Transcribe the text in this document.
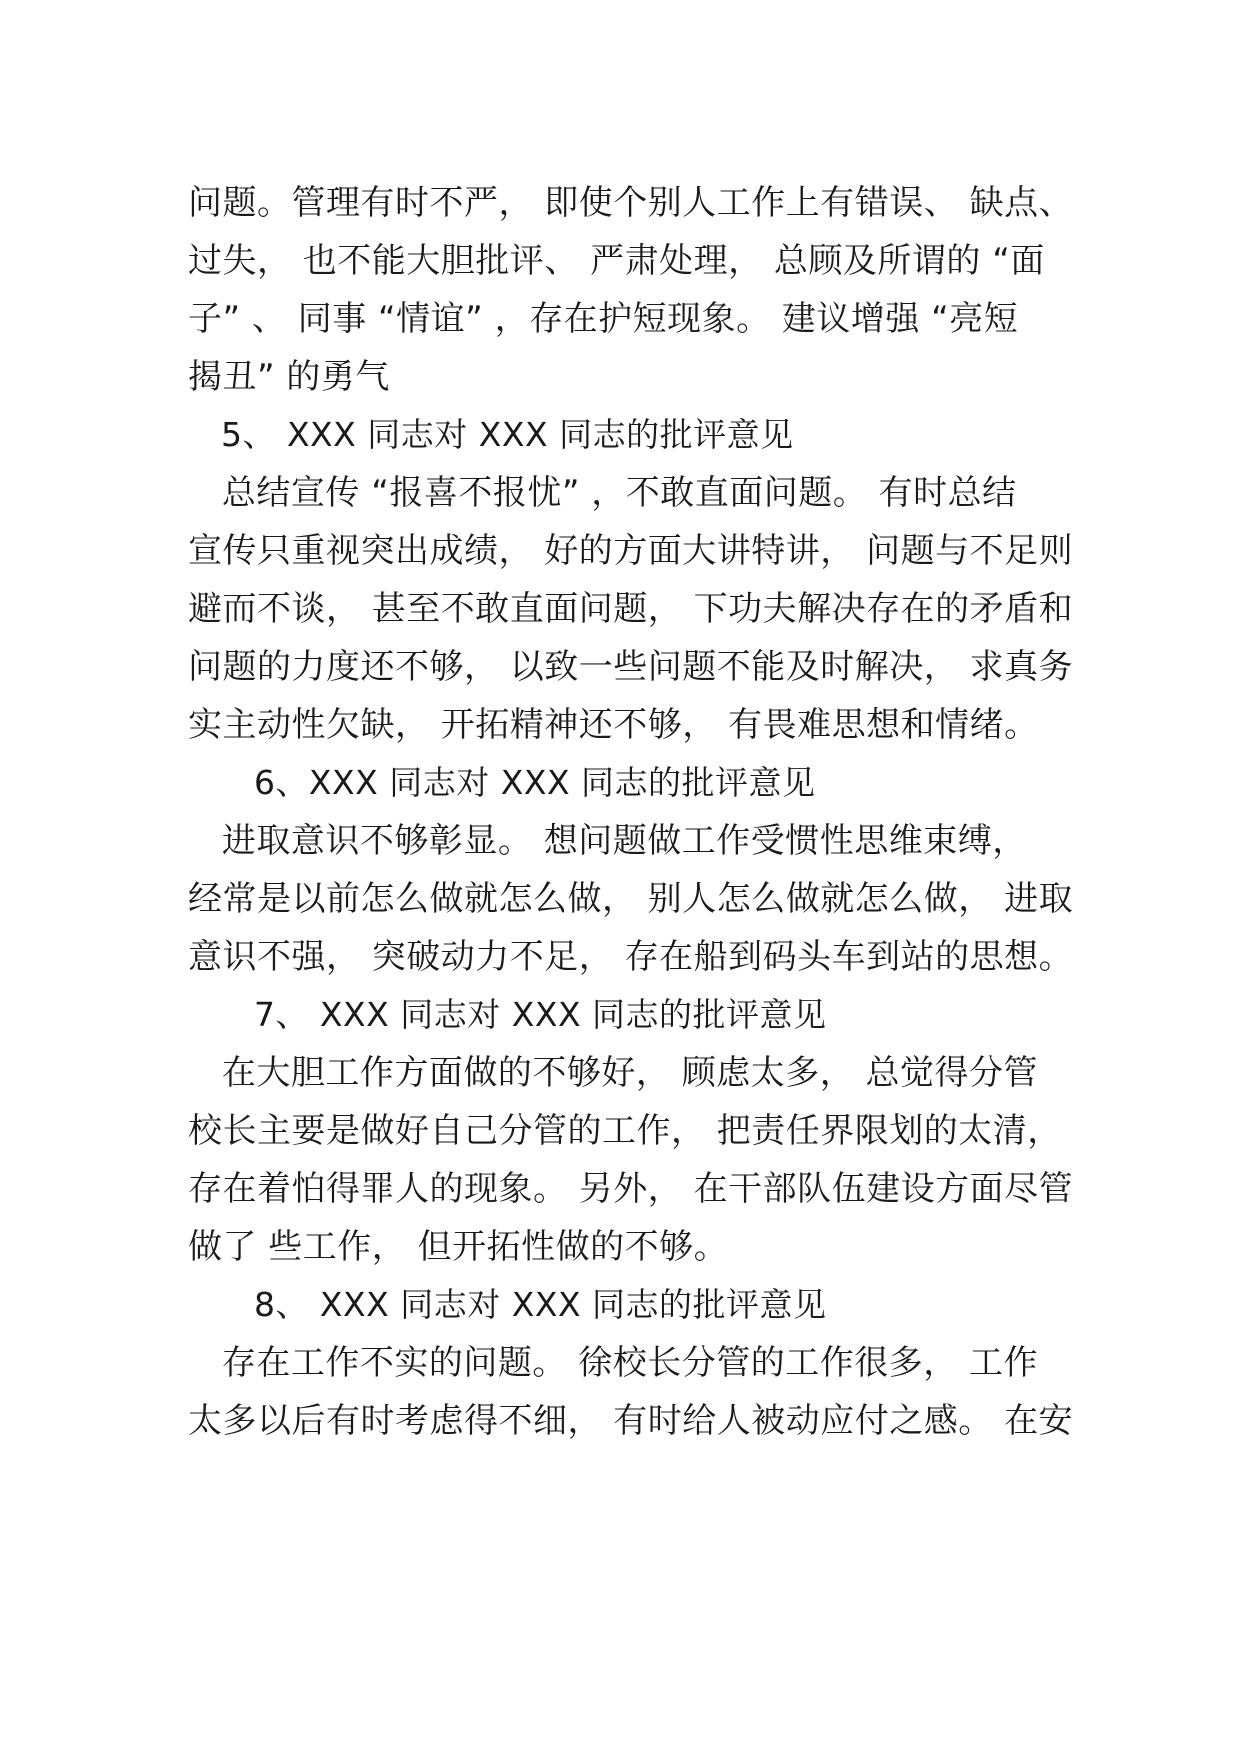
问题。管理有时不严， 即使个别人工作上有错误、 缺点、
过失， 也不能大胆批评、 严肃处理， 总顾及所谓的 “面
子” 、 同事 “情谊” ，存在护短现象。 建议增强 “亮短
揭丑” 的勇气
5、 XXX 同志对 XXX 同志的批评意见
总结宣传 “报喜不报忧” ，不敢直面问题。 有时总结
宣传只重视突出成绩， 好的方面大讲特讲， 问题与不足则
避而不谈， 甚至不敢直面问题， 下功夫解决存在的矛盾和
问题的力度还不够， 以致一些问题不能及时解决， 求真务
实主动性欠缺， 开拓精神还不够， 有畏难思想和情绪。
6、XXX 同志对 XXX 同志的批评意见
进取意识不够彰显。 想问题做工作受惯性思维束缚，
经常是以前怎么做就怎么做， 别人怎么做就怎么做， 进取
意识不强， 突破动力不足， 存在船到码头车到站的思想。
7、 XXX 同志对 XXX 同志的批评意见
在大胆工作方面做的不够好， 顾虑太多， 总觉得分管
校长主要是做好自己分管的工作， 把责任界限划的太清，
存在着怕得罪人的现象。 另外， 在干部队伍建设方面尽管
做了 些工作， 但开拓性做的不够。
8、 XXX 同志对 XXX 同志的批评意见
存在工作不实的问题。 徐校长分管的工作很多， 工作
太多以后有时考虑得不细， 有时给人被动应付之感。 在安
